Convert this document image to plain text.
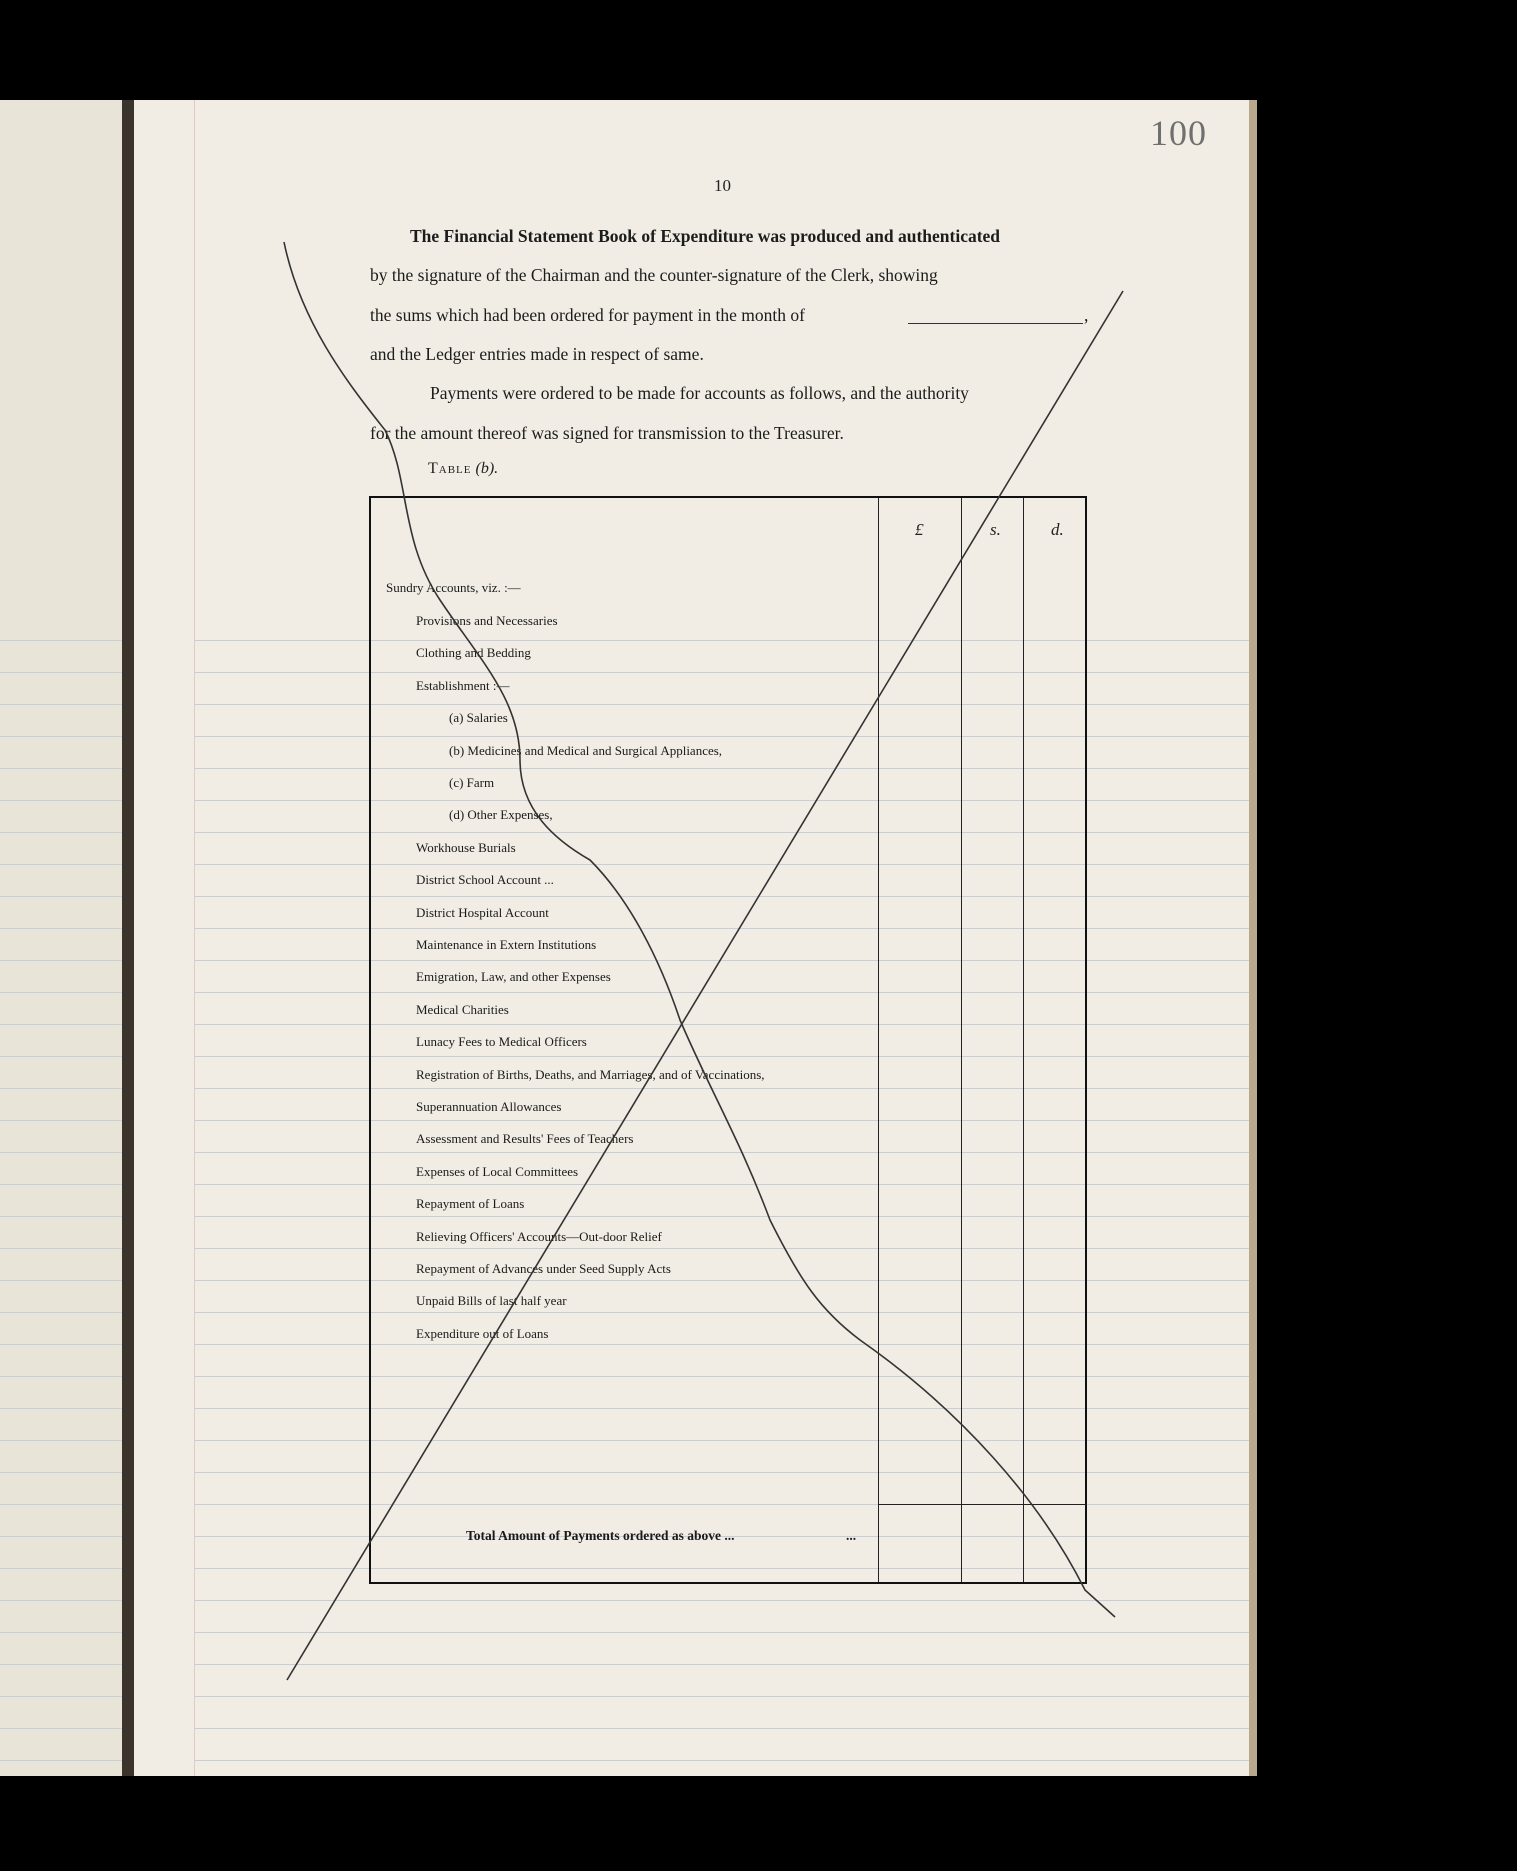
100
10
The Financial Statement Book of Expenditure was produced and authenticated
by the signature of the Chairman and the counter-signature of the Clerk, showing
the sums which had been ordered for payment in the month of	,
and the Ledger entries made in respect of same.
Payments were ordered to be made for accounts as follows, and the authority
for the amount thereof was signed for transmission to the Treasurer.
Table (b).
£	s.	d.
Sundry Accounts, viz. :—
Provisions and Necessaries
Clothing and Bedding
Establishment :—
(a) Salaries
(b) Medicines and Medical and Surgical Appliances,
(c) Farm
(d) Other Expenses,
Workhouse Burials
District School Account ...
District Hospital Account
Maintenance in Extern Institutions
Emigration, Law, and other Expenses
Medical Charities
Lunacy Fees to Medical Officers
Registration of Births, Deaths, and Marriages, and of Vaccinations,
Superannuation Allowances
Assessment and Results' Fees of Teachers
Expenses of Local Committees
Repayment of Loans
Relieving Officers' Accounts—Out-door Relief
Repayment of Advances under Seed Supply Acts
Unpaid Bills of last half year
Expenditure out of Loans
Total Amount of Payments ordered as above ...	...
